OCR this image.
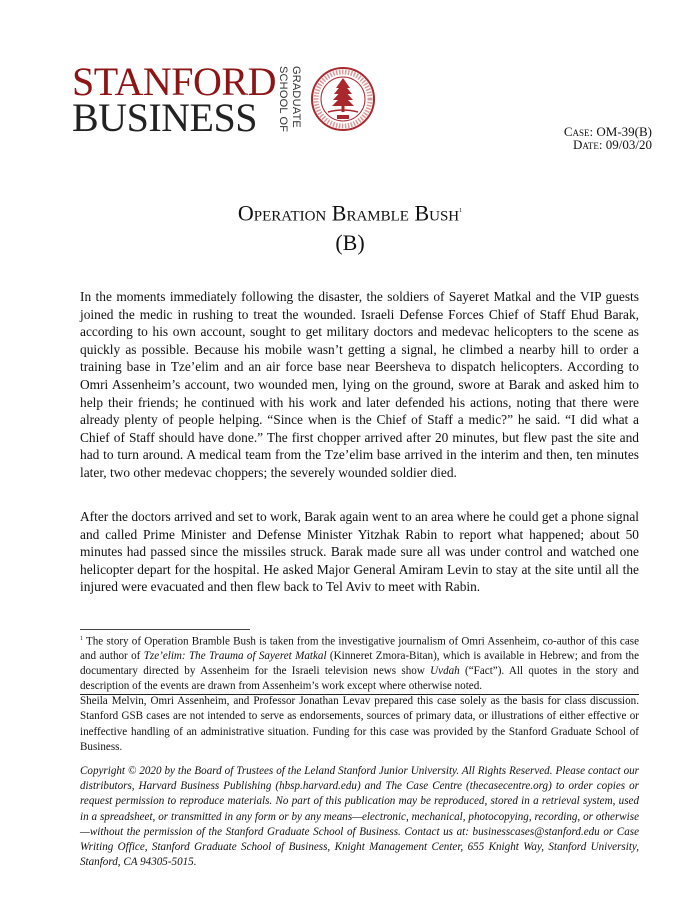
STANFORD
BUSINESS	GRADUATE
SCHOOL OF	Case: OM-39(B)
Date: 09/03/20
Operation Bramble Bush$^1$
(B)
In the moments immediately following the disaster, the soldiers of Sayeret Matkal and the VIP guests joined the medic in rushing to treat the wounded. Israeli Defense Forces Chief of Staff Ehud Barak, according to his own account, sought to get military doctors and medevac helicopters to the scene as quickly as possible. Because his mobile wasn’t getting a signal, he climbed a nearby hill to order a training base in Tze’elim and an air force base near Beersheva to dispatch helicopters. According to Omri Assenheim’s account, two wounded men, lying on the ground, swore at Barak and asked him to help their friends; he continued with his work and later defended his actions, noting that there were already plenty of people helping. “Since when is the Chief of Staff a medic?” he said. “I did what a Chief of Staff should have done.” The first chopper arrived after 20 minutes, but flew past the site and had to turn around. A medical team from the Tze’elim base arrived in the interim and then, ten minutes later, two other medevac choppers; the severely wounded soldier died.
After the doctors arrived and set to work, Barak again went to an area where he could get a phone signal and called Prime Minister and Defense Minister Yitzhak Rabin to report what happened; about 50 minutes had passed since the missiles struck. Barak made sure all was under control and watched one helicopter depart for the hospital. He asked Major General Amiram Levin to stay at the site until all the injured were evacuated and then flew back to Tel Aviv to meet with Rabin.
$^1$ The story of Operation Bramble Bush is taken from the investigative journalism of Omri Assenheim, co-author of this case and author of Tze’elim: The Trauma of Sayeret Matkal (Kinneret Zmora-Bitan), which is available in Hebrew; and from the documentary directed by Assenheim for the Israeli television news show Uvdah (“Fact”). All quotes in the story and description of the events are drawn from Assenheim’s work except where otherwise noted.
Sheila Melvin, Omri Assenheim, and Professor Jonathan Levav prepared this case solely as the basis for class discussion. Stanford GSB cases are not intended to serve as endorsements, sources of primary data, or illustrations of either effective or ineffective handling of an administrative situation. Funding for this case was provided by the Stanford Graduate School of Business.
Copyright © 2020 by the Board of Trustees of the Leland Stanford Junior University. All Rights Reserved. Please contact our distributors, Harvard Business Publishing (hbsp.harvard.edu) and The Case Centre (thecasecentre.org) to order copies or request permission to reproduce materials. No part of this publication may be reproduced, stored in a retrieval system, used in a spreadsheet, or transmitted in any form or by any means—electronic, mechanical, photocopying, recording, or otherwise—without the permission of the Stanford Graduate School of Business. Contact us at: businesscases@stanford.edu or Case Writing Office, Stanford Graduate School of Business, Knight Management Center, 655 Knight Way, Stanford University, Stanford, CA 94305-5015.
